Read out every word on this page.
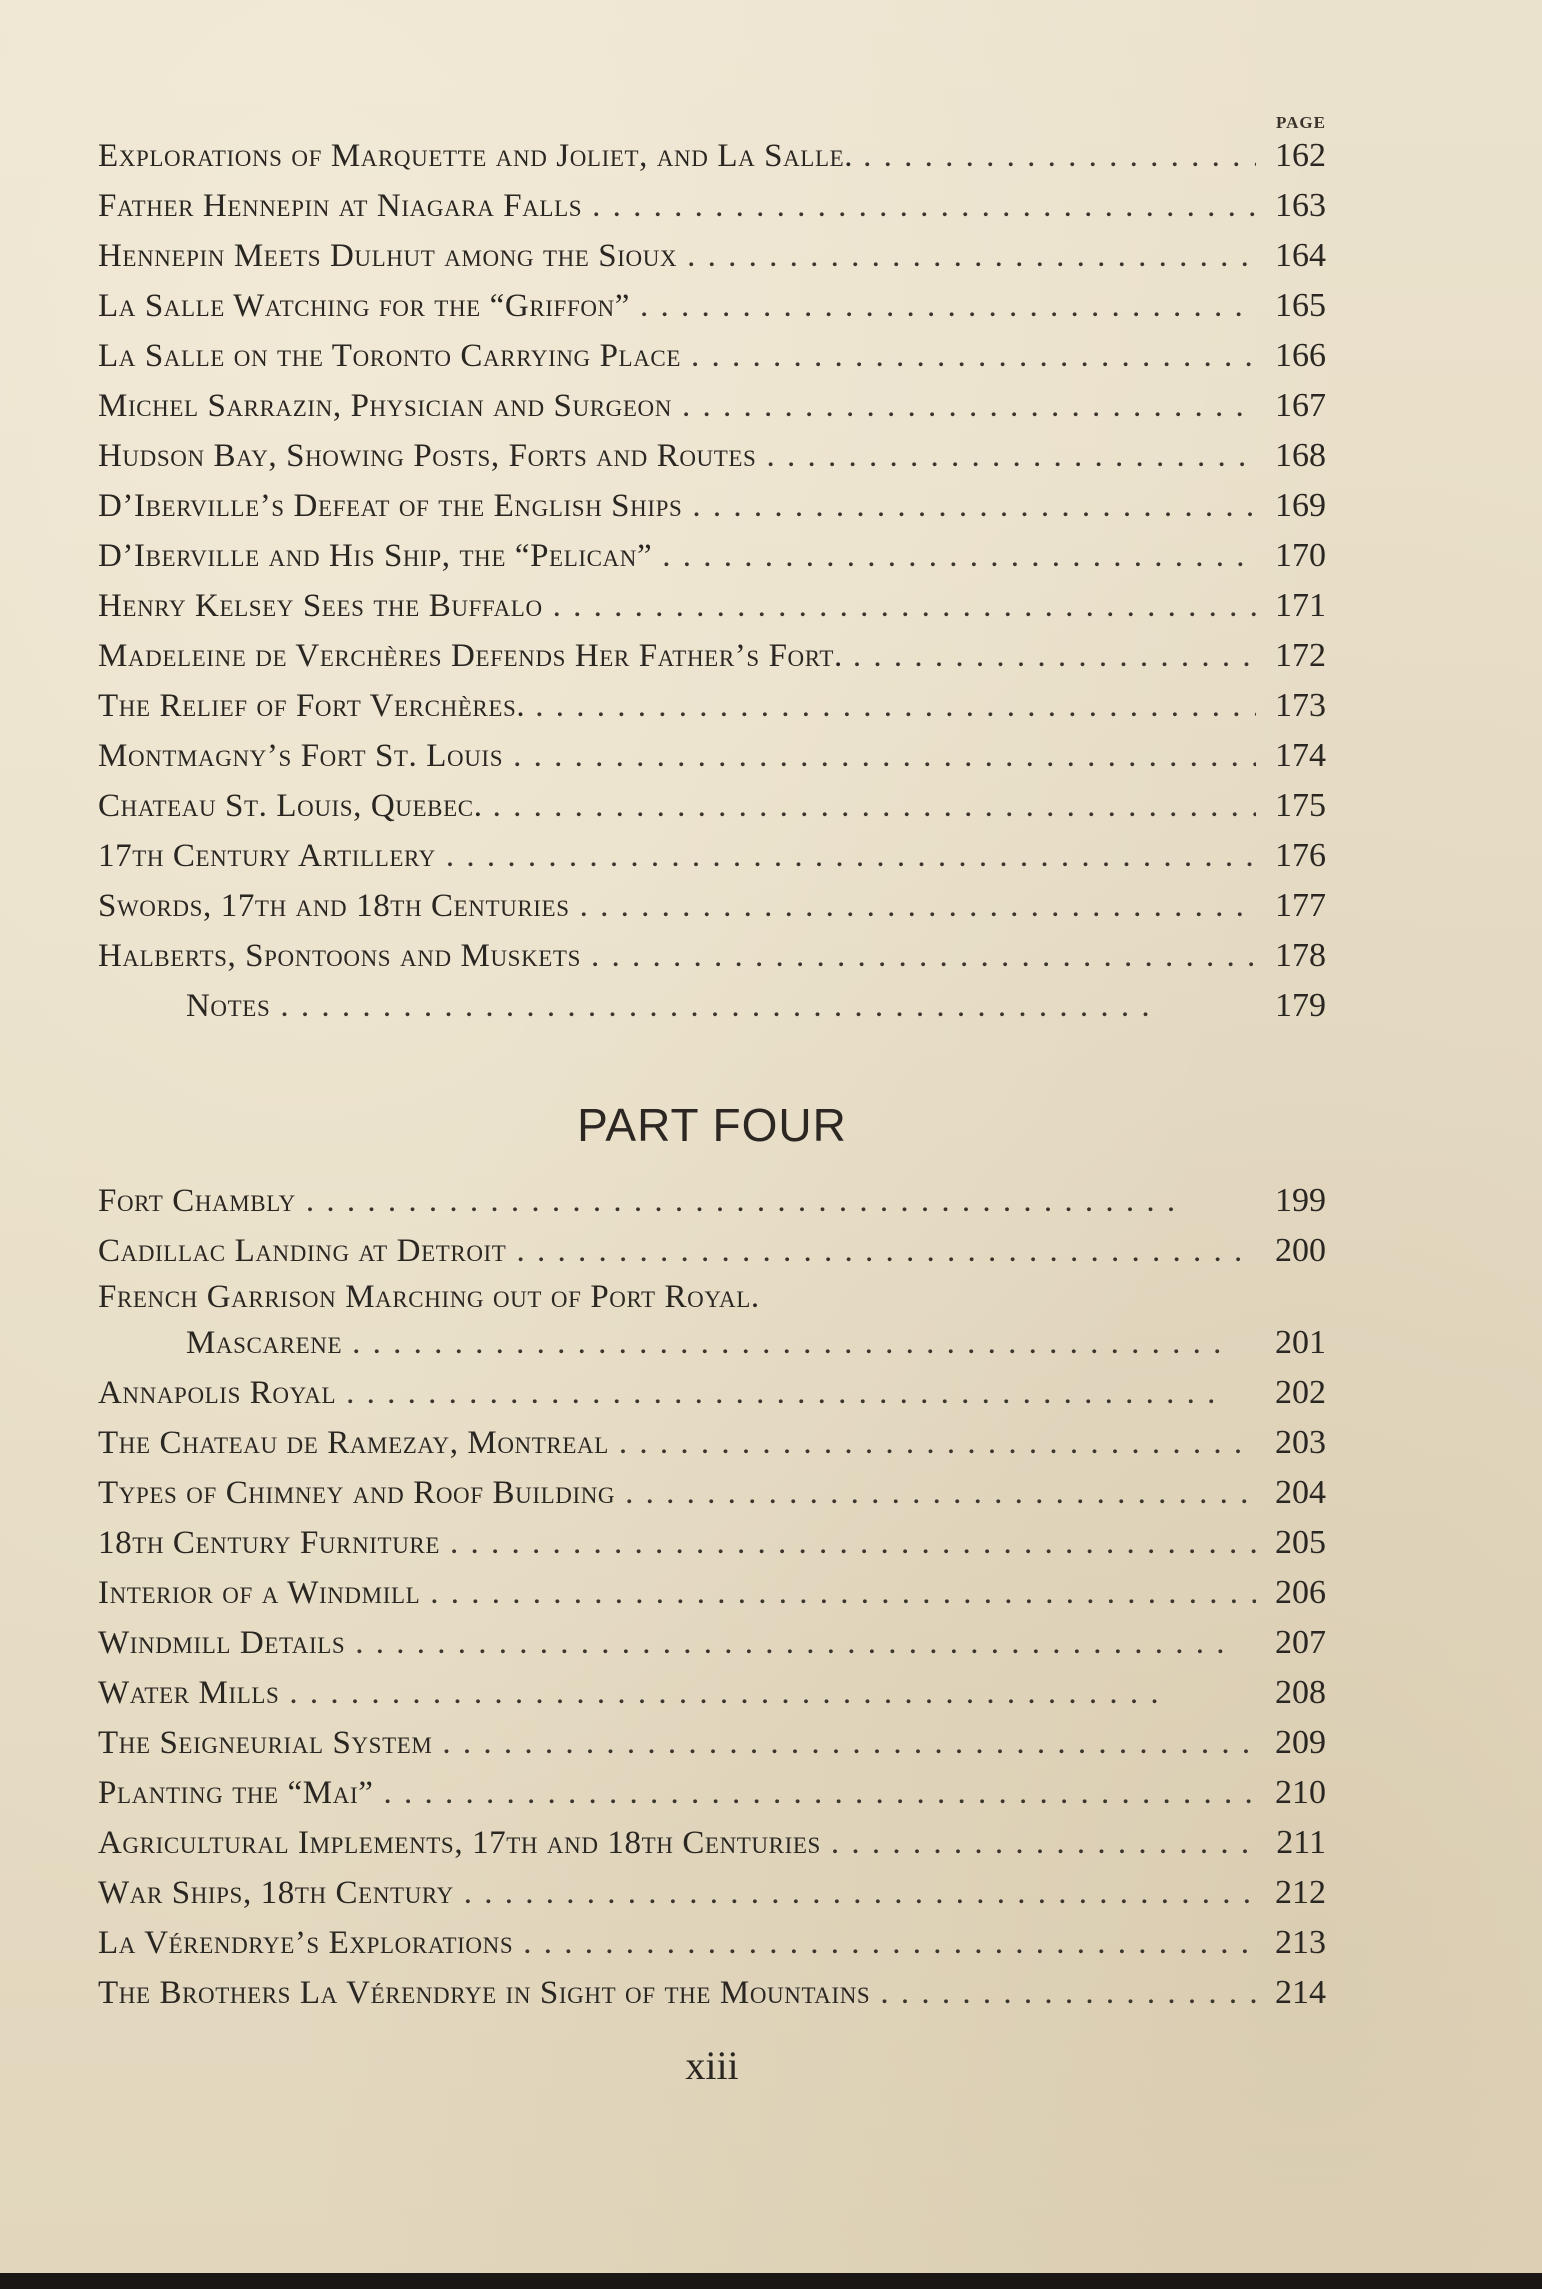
PAGE
Explorations of Marquette and Joliet, and La Salle. . . .	162
Father Hennepin at Niagara Falls . . .	163
Hennepin Meets Dulhut among the Sioux . . .	164
La Salle Watching for the “Griffon” . . .	165
La Salle on the Toronto Carrying Place . . .	166
Michel Sarrazin, Physician and Surgeon . . .	167
Hudson Bay, Showing Posts, Forts and Routes . . .	168
D’Iberville’s Defeat of the English Ships . . .	169
D’Iberville and His Ship, the “Pelican” . . .	170
Henry Kelsey Sees the Buffalo . . .	171
Madeleine de Verchères Defends Her Father’s Fort. . . .	172
The Relief of Fort Verchères. . . .	173
Montmagny’s Fort St. Louis . . .	174
Chateau St. Louis, Quebec. . . .	175
17th Century Artillery . . .	176
Swords, 17th and 18th Centuries . . .	177
Halberts, Spontoons and Muskets . . .	178
Notes . . .	179
PART FOUR
Fort Chambly . . .	199
Cadillac Landing at Detroit . . .	200
French Garrison Marching out of Port Royal.
Mascarene . . .	201
Annapolis Royal . . .	202
The Chateau de Ramezay, Montreal . . .	203
Types of Chimney and Roof Building . . .	204
18th Century Furniture . . .	205
Interior of a Windmill . . .	206
Windmill Details . . .	207
Water Mills . . .	208
The Seigneurial System . . .	209
Planting the “Mai” . . .	210
Agricultural Implements, 17th and 18th Centuries . . .	211
War Ships, 18th Century . . .	212
La Vérendrye’s Explorations . . .	213
The Brothers La Vérendrye in Sight of the Mountains . . .	214
xiii
